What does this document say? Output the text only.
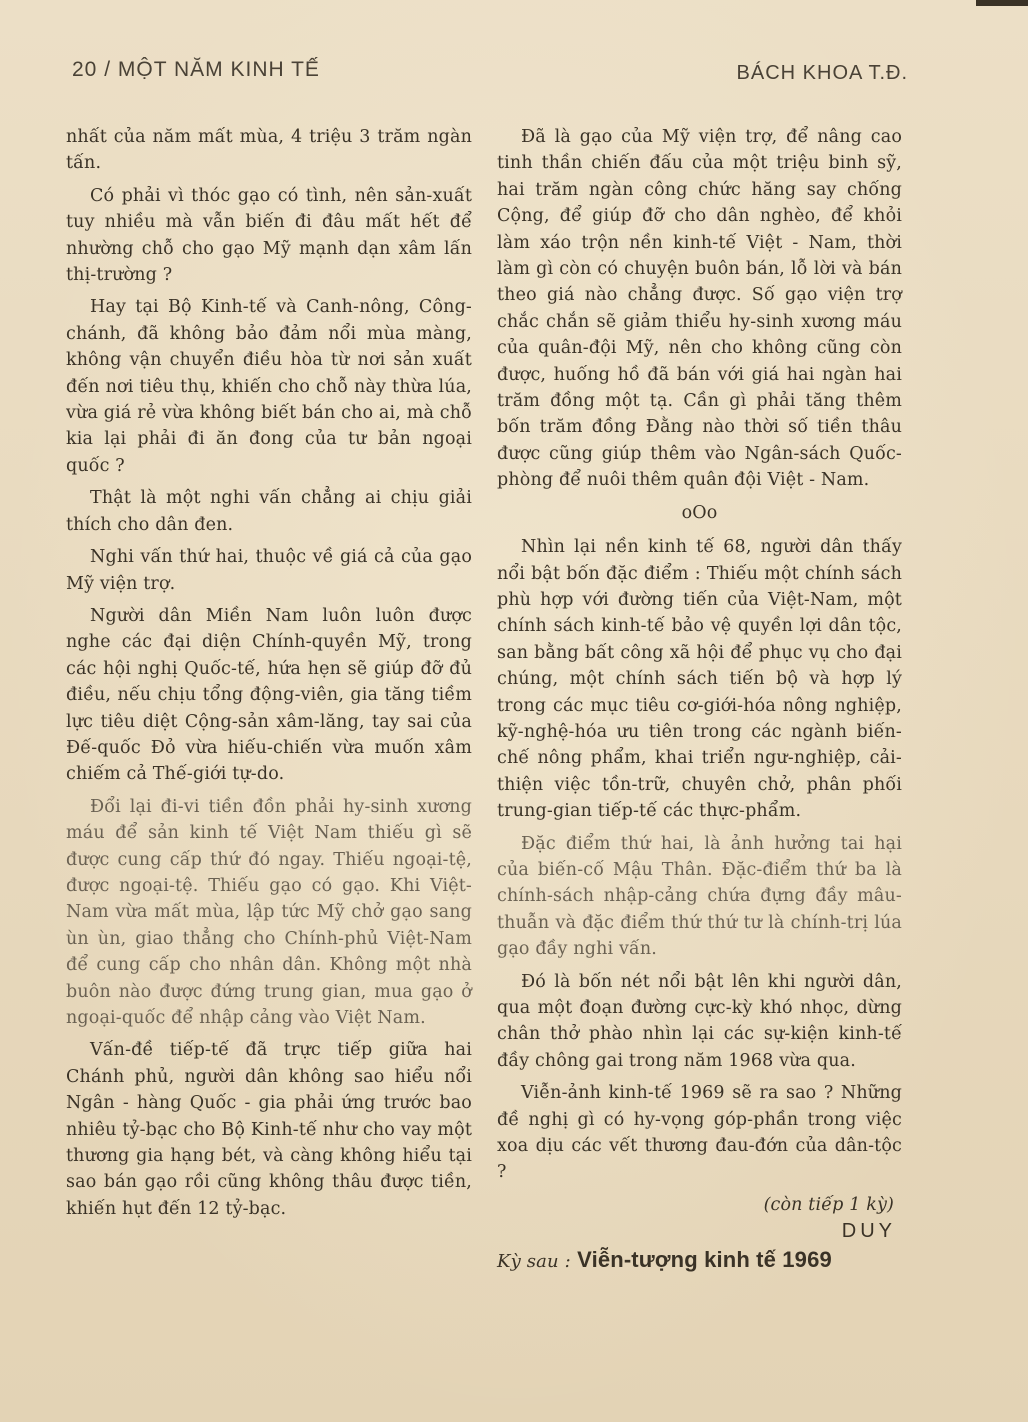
20 / MỘT NĂM KINH TẾ	BÁCH KHOA T.Đ.

nhất của năm mất mùa, 4 triệu 3 trăm ngàn tấn.

Có phải vì thóc gạo có tình, nên sản-xuất tuy nhiều mà vẫn biến đi đâu mất hết để nhường chỗ cho gạo Mỹ mạnh dạn xâm lấn thị-trường ?

Hay tại Bộ Kinh-tế và Canh-nông, Công-chánh, đã không bảo đảm nổi mùa màng, không vận chuyển điều hòa từ nơi sản xuất đến nơi tiêu thụ, khiến cho chỗ này thừa lúa, vừa giá rẻ vừa không biết bán cho ai, mà chỗ kia lại phải đi ăn đong của tư bản ngoại quốc ?

Thật là một nghi vấn chẳng ai chịu giải thích cho dân đen.

Nghi vấn thứ hai, thuộc về giá cả của gạo Mỹ viện trợ.

Người dân Miền Nam luôn luôn được nghe các đại diện Chính-quyền Mỹ, trong các hội nghị Quốc-tế, hứa hẹn sẽ giúp đỡ đủ điều, nếu chịu tổng động-viên, gia tăng tiềm lực tiêu diệt Cộng-sản xâm-lăng, tay sai của Đế-quốc Đỏ vừa hiếu-chiến vừa muốn xâm chiếm cả Thế-giới tự-do.

Đổi lại đi-vi tiền đồn phải hy-sinh xương máu để sản kinh tế Việt Nam thiếu gì sẽ được cung cấp thứ đó ngay. Thiếu ngoại-tệ, được ngoại-tệ. Thiếu gạo có gạo. Khi Việt-Nam vừa mất mùa, lập tức Mỹ chở gạo sang ùn ùn, giao thẳng cho Chính-phủ Việt-Nam để cung cấp cho nhân dân. Không một nhà buôn nào được đứng trung gian, mua gạo ở ngoại-quốc để nhập cảng vào Việt Nam.

Vấn-đề tiếp-tế đã trực tiếp giữa hai Chánh phủ, người dân không sao hiểu nổi Ngân - hàng Quốc - gia phải ứng trước bao nhiêu tỷ-bạc cho Bộ Kinh-tế như cho vay một thương gia hạng bét, và càng không hiểu tại sao bán gạo rồi cũng không thâu được tiền, khiến hụt đến 12 tỷ-bạc.

Đã là gạo của Mỹ viện trợ, để nâng cao tinh thần chiến đấu của một triệu binh sỹ, hai trăm ngàn công chức hăng say chống Cộng, để giúp đỡ cho dân nghèo, để khỏi làm xáo trộn nền kinh-tế Việt - Nam, thời làm gì còn có chuyện buôn bán, lỗ lời và bán theo giá nào chẳng được. Số gạo viện trợ chắc chắn sẽ giảm thiểu hy-sinh xương máu của quân-đội Mỹ, nên cho không cũng còn được, huống hồ đã bán với giá hai ngàn hai trăm đồng một tạ. Cần gì phải tăng thêm bốn trăm đồng Đằng nào thời số tiền thâu được cũng giúp thêm vào Ngân-sách Quốc-phòng để nuôi thêm quân đội Việt - Nam.

oOo

Nhìn lại nền kinh tế 68, người dân thấy nổi bật bốn đặc điểm : Thiếu một chính sách phù hợp với đường tiến của Việt-Nam, một chính sách kinh-tế bảo vệ quyền lợi dân tộc, san bằng bất công xã hội để phục vụ cho đại chúng, một chính sách tiến bộ và hợp lý trong các mục tiêu cơ-giới-hóa nông nghiệp, kỹ-nghệ-hóa ưu tiên trong các ngành biến-chế nông phẩm, khai triển ngư-nghiệp, cải-thiện việc tồn-trữ, chuyên chở, phân phối trung-gian tiếp-tế các thực-phẩm.

Đặc điểm thứ hai, là ảnh hưởng tai hại của biến-cố Mậu Thân. Đặc-điểm thứ ba là chính-sách nhập-cảng chứa đựng đầy mâu-thuẫn và đặc điểm thứ thứ tư là chính-trị lúa gạo đầy nghi vấn.

Đó là bốn nét nổi bật lên khi người dân, qua một đoạn đường cực-kỳ khó nhọc, dừng chân thở phào nhìn lại các sự-kiện kinh-tế đầy chông gai trong năm 1968 vừa qua.

Viễn-ảnh kinh-tế 1969 sẽ ra sao ? Những đề nghị gì có hy-vọng góp-phần trong việc xoa dịu các vết thương đau-đớn của dân-tộc ?

(còn tiếp 1 kỳ)

DUY

Kỳ sau : Viễn-tượng kinh tế 1969
